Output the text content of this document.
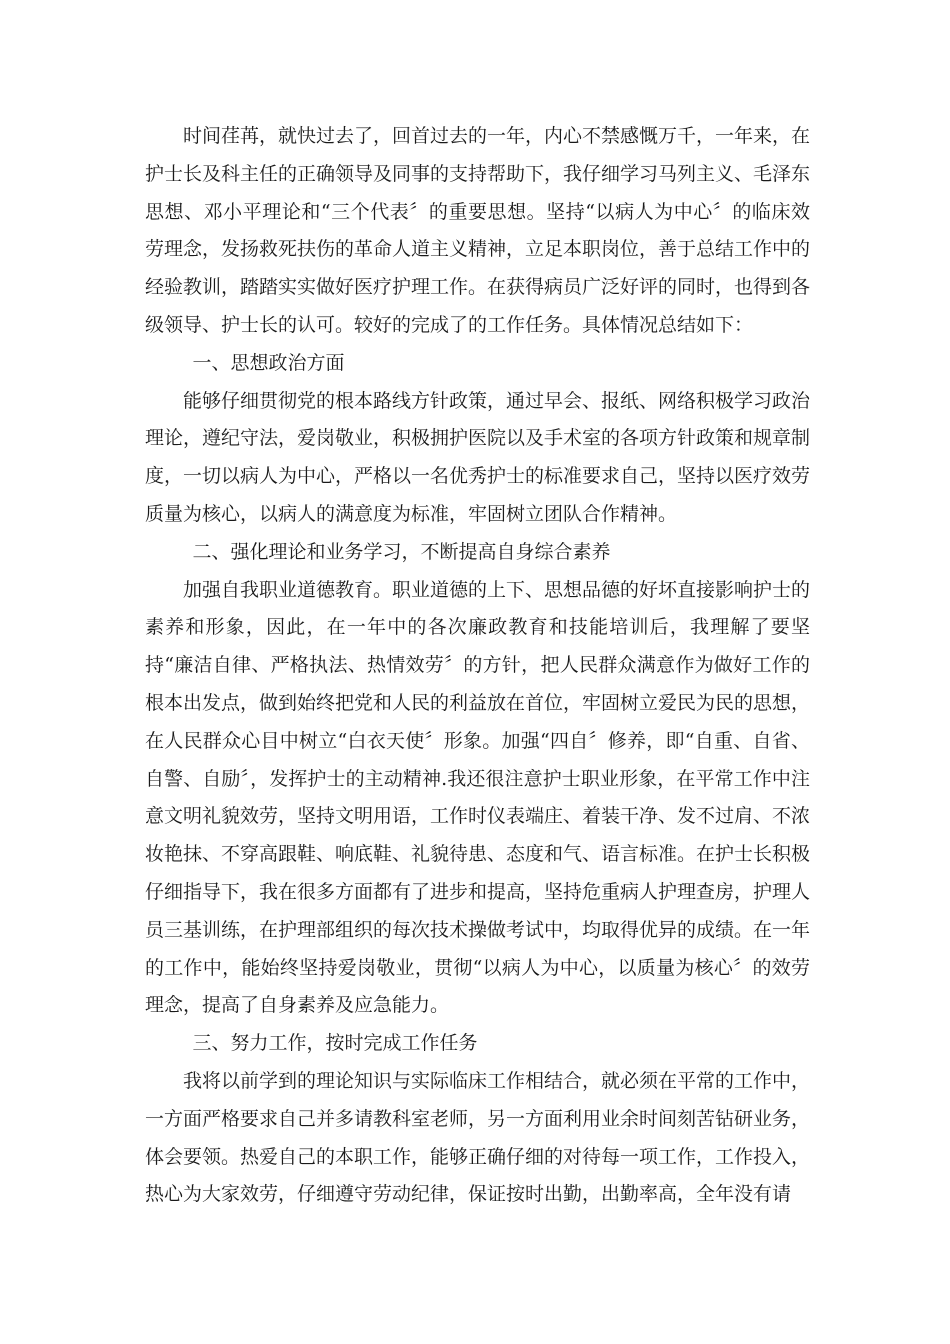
时间荏苒，就快过去了，回首过去的一年，内心不禁感慨万千，一年来，在护士长及科主任的正确领导及同事的支持帮助下，我仔细学习马列主义、毛泽东思想、邓小平理论和“三个代表〞的重要思想。坚持“以病人为中心〞的临床效劳理念，发扬救死扶伤的革命人道主义精神，立足本职岗位，善于总结工作中的经验教训，踏踏实实做好医疗护理工作。在获得病员广泛好评的同时，也得到各级领导、护士长的认可。较好的完成了的工作任务。具体情况总结如下：

一、思想政治方面

能够仔细贯彻党的根本路线方针政策，通过早会、报纸、网络积极学习政治理论，遵纪守法，爱岗敬业，积极拥护医院以及手术室的各项方针政策和规章制度，一切以病人为中心，严格以一名优秀护士的标准要求自己，坚持以医疗效劳质量为核心，以病人的满意度为标准，牢固树立团队合作精神。

二、强化理论和业务学习，不断提高自身综合素养

加强自我职业道德教育。职业道德的上下、思想品德的好坏直接影响护士的素养和形象，因此，在一年中的各次廉政教育和技能培训后，我理解了要坚持“廉洁自律、严格执法、热情效劳〞的方针，把人民群众满意作为做好工作的根本出发点，做到始终把党和人民的利益放在首位，牢固树立爱民为民的思想，在人民群众心目中树立“白衣天使〞形象。加强“四自〞修养，即“自重、自省、自警、自励〞，发挥护士的主动精神.我还很注意护士职业形象，在平常工作中注意文明礼貌效劳，坚持文明用语，工作时仪表端庄、着装干净、发不过肩、不浓妆艳抹、不穿高跟鞋、响底鞋、礼貌待患、态度和气、语言标准。在护士长积极仔细指导下，我在很多方面都有了进步和提高，坚持危重病人护理查房，护理人员三基训练，在护理部组织的每次技术操做考试中，均取得优异的成绩。在一年的工作中，能始终坚持爱岗敬业，贯彻“以病人为中心，以质量为核心〞的效劳理念，提高了自身素养及应急能力。

三、努力工作，按时完成工作任务

我将以前学到的理论知识与实际临床工作相结合，就必须在平常的工作中，一方面严格要求自己并多请教科室老师，另一方面利用业余时间刻苦钻研业务，体会要领。热爱自己的本职工作，能够正确仔细的对待每一项工作，工作投入，热心为大家效劳，仔细遵守劳动纪律，保证按时出勤，出勤率高，全年没有请
